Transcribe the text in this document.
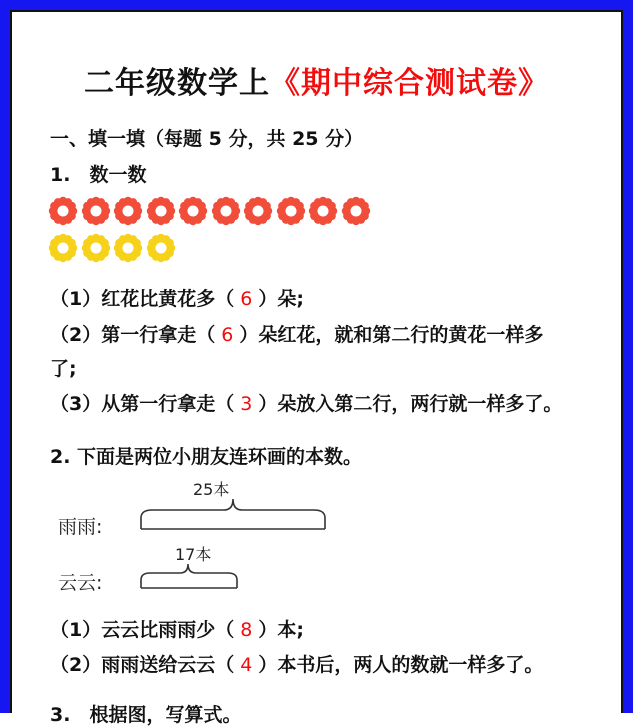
二年级数学上《期中综合测试卷》
一、填一填（每题 5 分，共 25 分）
1.　数一数
（1）红花比黄花多（ 6 ）朵;
（2）第一行拿走（ 6 ）朵红花，就和第二行的黄花一样多
了;
（3）从第一行拿走（ 3 ）朵放入第二行，两行就一样多了。
2. 下面是两位小朋友连环画的本数。
25本
雨雨:
17本
云云:
（1）云云比雨雨少（ 8 ）本;
（2）雨雨送给云云（ 4 ）本书后，两人的数就一样多了。
3.　根据图，写算式。
